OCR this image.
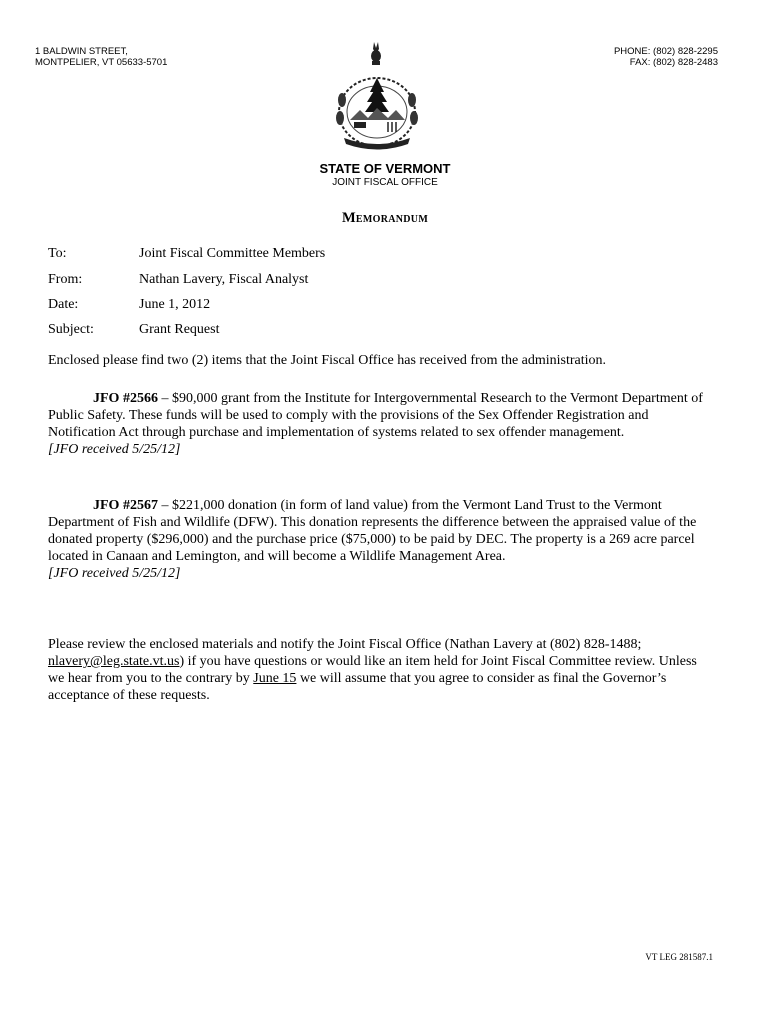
1 BALDWIN STREET,
MONTPELIER, VT 05633-5701
PHONE: (802) 828-2295
FAX: (802) 828-2483
STATE OF VERMONT
JOINT FISCAL OFFICE
Memorandum
To:	Joint Fiscal Committee Members
From:	Nathan Lavery, Fiscal Analyst
Date:	June 1, 2012
Subject:	Grant Request

Enclosed please find two (2) items that the Joint Fiscal Office has received from the administration.

JFO #2566 – $90,000 grant from the Institute for Intergovernmental Research to the Vermont Department of Public Safety. These funds will be used to comply with the provisions of the Sex Offender Registration and Notification Act through purchase and implementation of systems related to sex offender management.
[JFO received 5/25/12]

JFO #2567 – $221,000 donation (in form of land value) from the Vermont Land Trust to the Vermont Department of Fish and Wildlife (DFW). This donation represents the difference between the appraised value of the donated property ($296,000) and the purchase price ($75,000) to be paid by DEC. The property is a 269 acre parcel located in Canaan and Lemington, and will become a Wildlife Management Area.
[JFO received 5/25/12]

Please review the enclosed materials and notify the Joint Fiscal Office (Nathan Lavery at (802) 828-1488; nlavery@leg.state.vt.us) if you have questions or would like an item held for Joint Fiscal Committee review. Unless we hear from you to the contrary by June 15 we will assume that you agree to consider as final the Governor’s acceptance of these requests.

VT LEG 281587.1
